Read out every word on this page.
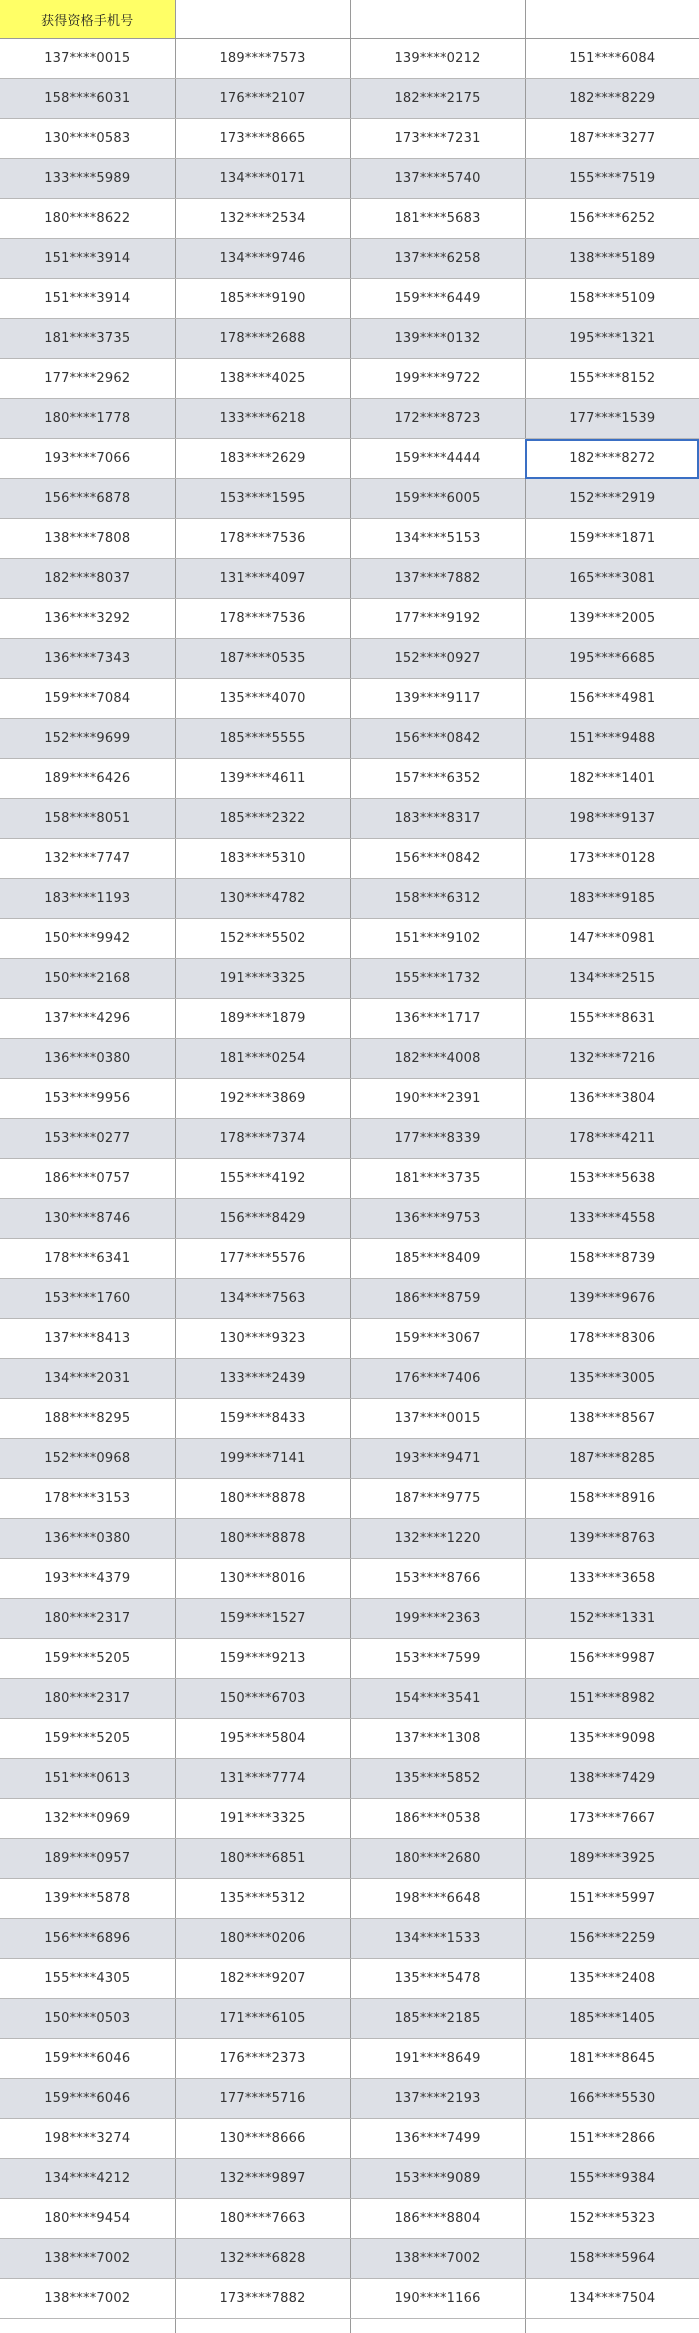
获得资格手机号			
137****0015	189****7573	139****0212	151****6084
158****6031	176****2107	182****2175	182****8229
130****0583	173****8665	173****7231	187****3277
133****5989	134****0171	137****5740	155****7519
180****8622	132****2534	181****5683	156****6252
151****3914	134****9746	137****6258	138****5189
151****3914	185****9190	159****6449	158****5109
181****3735	178****2688	139****0132	195****1321
177****2962	138****4025	199****9722	155****8152
180****1778	133****6218	172****8723	177****1539
193****7066	183****2629	159****4444	182****8272
156****6878	153****1595	159****6005	152****2919
138****7808	178****7536	134****5153	159****1871
182****8037	131****4097	137****7882	165****3081
136****3292	178****7536	177****9192	139****2005
136****7343	187****0535	152****0927	195****6685
159****7084	135****4070	139****9117	156****4981
152****9699	185****5555	156****0842	151****9488
189****6426	139****4611	157****6352	182****1401
158****8051	185****2322	183****8317	198****9137
132****7747	183****5310	156****0842	173****0128
183****1193	130****4782	158****6312	183****9185
150****9942	152****5502	151****9102	147****0981
150****2168	191****3325	155****1732	134****2515
137****4296	189****1879	136****1717	155****8631
136****0380	181****0254	182****4008	132****7216
153****9956	192****3869	190****2391	136****3804
153****0277	178****7374	177****8339	178****4211
186****0757	155****4192	181****3735	153****5638
130****8746	156****8429	136****9753	133****4558
178****6341	177****5576	185****8409	158****8739
153****1760	134****7563	186****8759	139****9676
137****8413	130****9323	159****3067	178****8306
134****2031	133****2439	176****7406	135****3005
188****8295	159****8433	137****0015	138****8567
152****0968	199****7141	193****9471	187****8285
178****3153	180****8878	187****9775	158****8916
136****0380	180****8878	132****1220	139****8763
193****4379	130****8016	153****8766	133****3658
180****2317	159****1527	199****2363	152****1331
159****5205	159****9213	153****7599	156****9987
180****2317	150****6703	154****3541	151****8982
159****5205	195****5804	137****1308	135****9098
151****0613	131****7774	135****5852	138****7429
132****0969	191****3325	186****0538	173****7667
189****0957	180****6851	180****2680	189****3925
139****5878	135****5312	198****6648	151****5997
156****6896	180****0206	134****1533	156****2259
155****4305	182****9207	135****5478	135****2408
150****0503	171****6105	185****2185	185****1405
159****6046	176****2373	191****8649	181****8645
159****6046	177****5716	137****2193	166****5530
198****3274	130****8666	136****7499	151****2866
134****4212	132****9897	153****9089	155****9384
180****9454	180****7663	186****8804	152****5323
138****7002	132****6828	138****7002	158****5964
138****7002	173****7882	190****1166	134****7504
